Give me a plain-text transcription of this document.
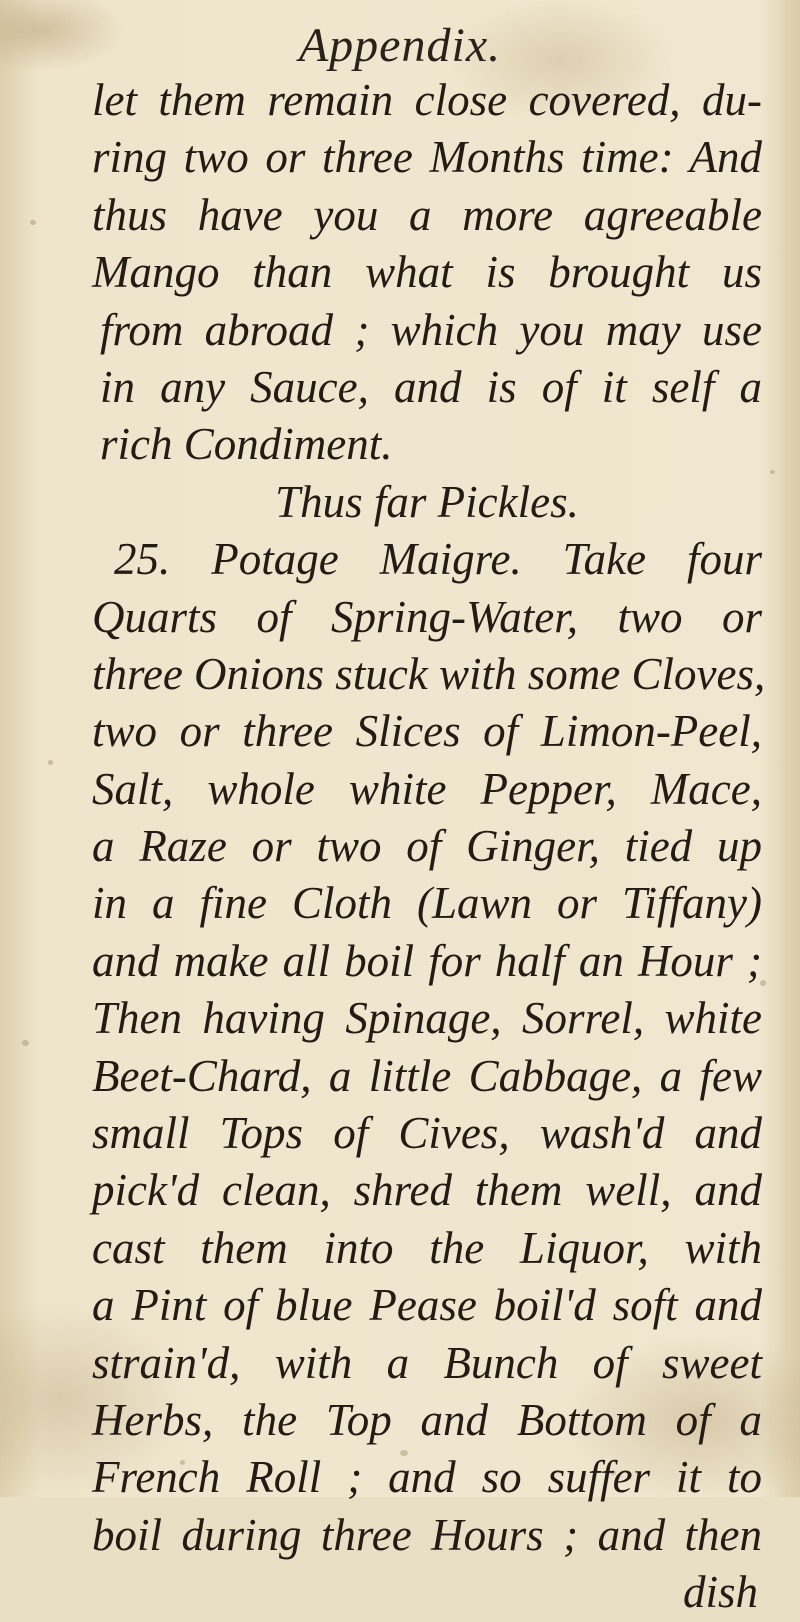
Appendix.
let them remain close covered, du-
ring two or three Months time: And
thus have you a more agreeable
Mango than what is brought us
from abroad ; which you may use
in any Sauce, and is of it self a
rich Condiment.
Thus far Pickles.
25. Potage Maigre. Take four
Quarts of Spring-Water, two or
three Onions stuck with some Cloves,
two or three Slices of Limon-Peel,
Salt, whole white Pepper, Mace,
a Raze or two of Ginger, tied up
in a fine Cloth (Lawn or Tiffany)
and make all boil for half an Hour ;
Then having Spinage, Sorrel, white
Beet-Chard, a little Cabbage, a few
small Tops of Cives, wash'd and
pick'd clean, shred them well, and
cast them into the Liquor, with
a Pint of blue Pease boil'd soft and
strain'd, with a Bunch of sweet
Herbs, the Top and Bottom of a
French Roll ; and so suffer it to
boil during three Hours ; and then
dish
